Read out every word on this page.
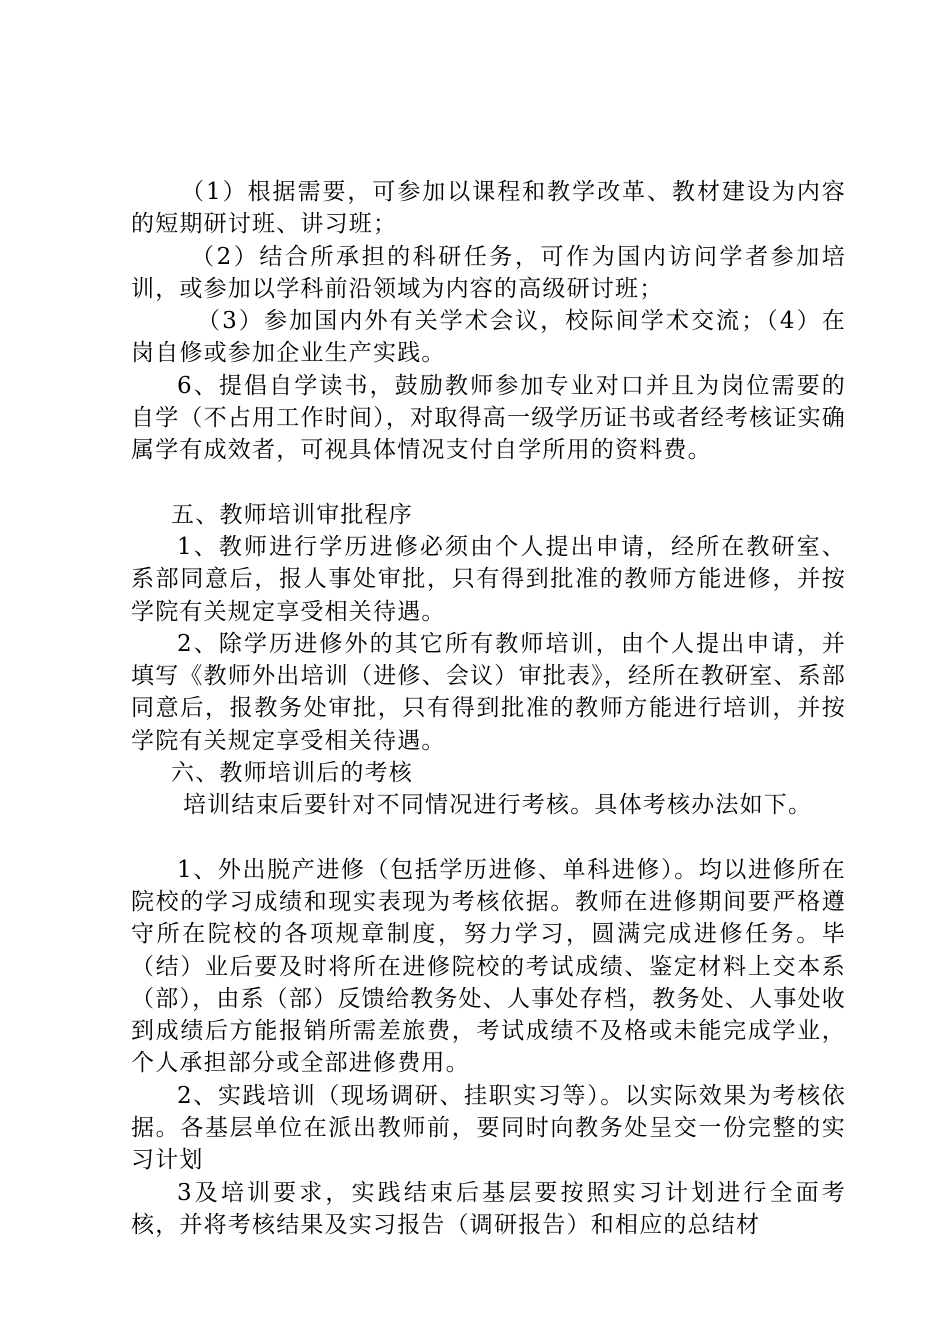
（1）根据需要，可参加以课程和教学改革、教材建设为内容的短期研讨班、讲习班；

（2）结合所承担的科研任务，可作为国内访问学者参加培训，或参加以学科前沿领域为内容的高级研讨班；

（3）参加国内外有关学术会议，校际间学术交流；（4）在岗自修或参加企业生产实践。

6、提倡自学读书，鼓励教师参加专业对口并且为岗位需要的自学（不占用工作时间），对取得高一级学历证书或者经考核证实确属学有成效者，可视具体情况支付自学所用的资料费。

五、教师培训审批程序

1、教师进行学历进修必须由个人提出申请，经所在教研室、系部同意后，报人事处审批，只有得到批准的教师方能进修，并按学院有关规定享受相关待遇。

2、除学历进修外的其它所有教师培训，由个人提出申请，并填写《教师外出培训（进修、会议）审批表》，经所在教研室、系部同意后，报教务处审批，只有得到批准的教师方能进行培训，并按学院有关规定享受相关待遇。

六、教师培训后的考核

培训结束后要针对不同情况进行考核。具体考核办法如下。

1、外出脱产进修（包括学历进修、单科进修）。均以进修所在院校的学习成绩和现实表现为考核依据。教师在进修期间要严格遵守所在院校的各项规章制度，努力学习，圆满完成进修任务。毕（结）业后要及时将所在进修院校的考试成绩、鉴定材料上交本系（部），由系（部）反馈给教务处、人事处存档，教务处、人事处收到成绩后方能报销所需差旅费，考试成绩不及格或未能完成学业，个人承担部分或全部进修费用。

2、实践培训（现场调研、挂职实习等）。以实际效果为考核依据。各基层单位在派出教师前，要同时向教务处呈交一份完整的实习计划

3及培训要求，实践结束后基层要按照实习计划进行全面考核，并将考核结果及实习报告（调研报告）和相应的总结材
